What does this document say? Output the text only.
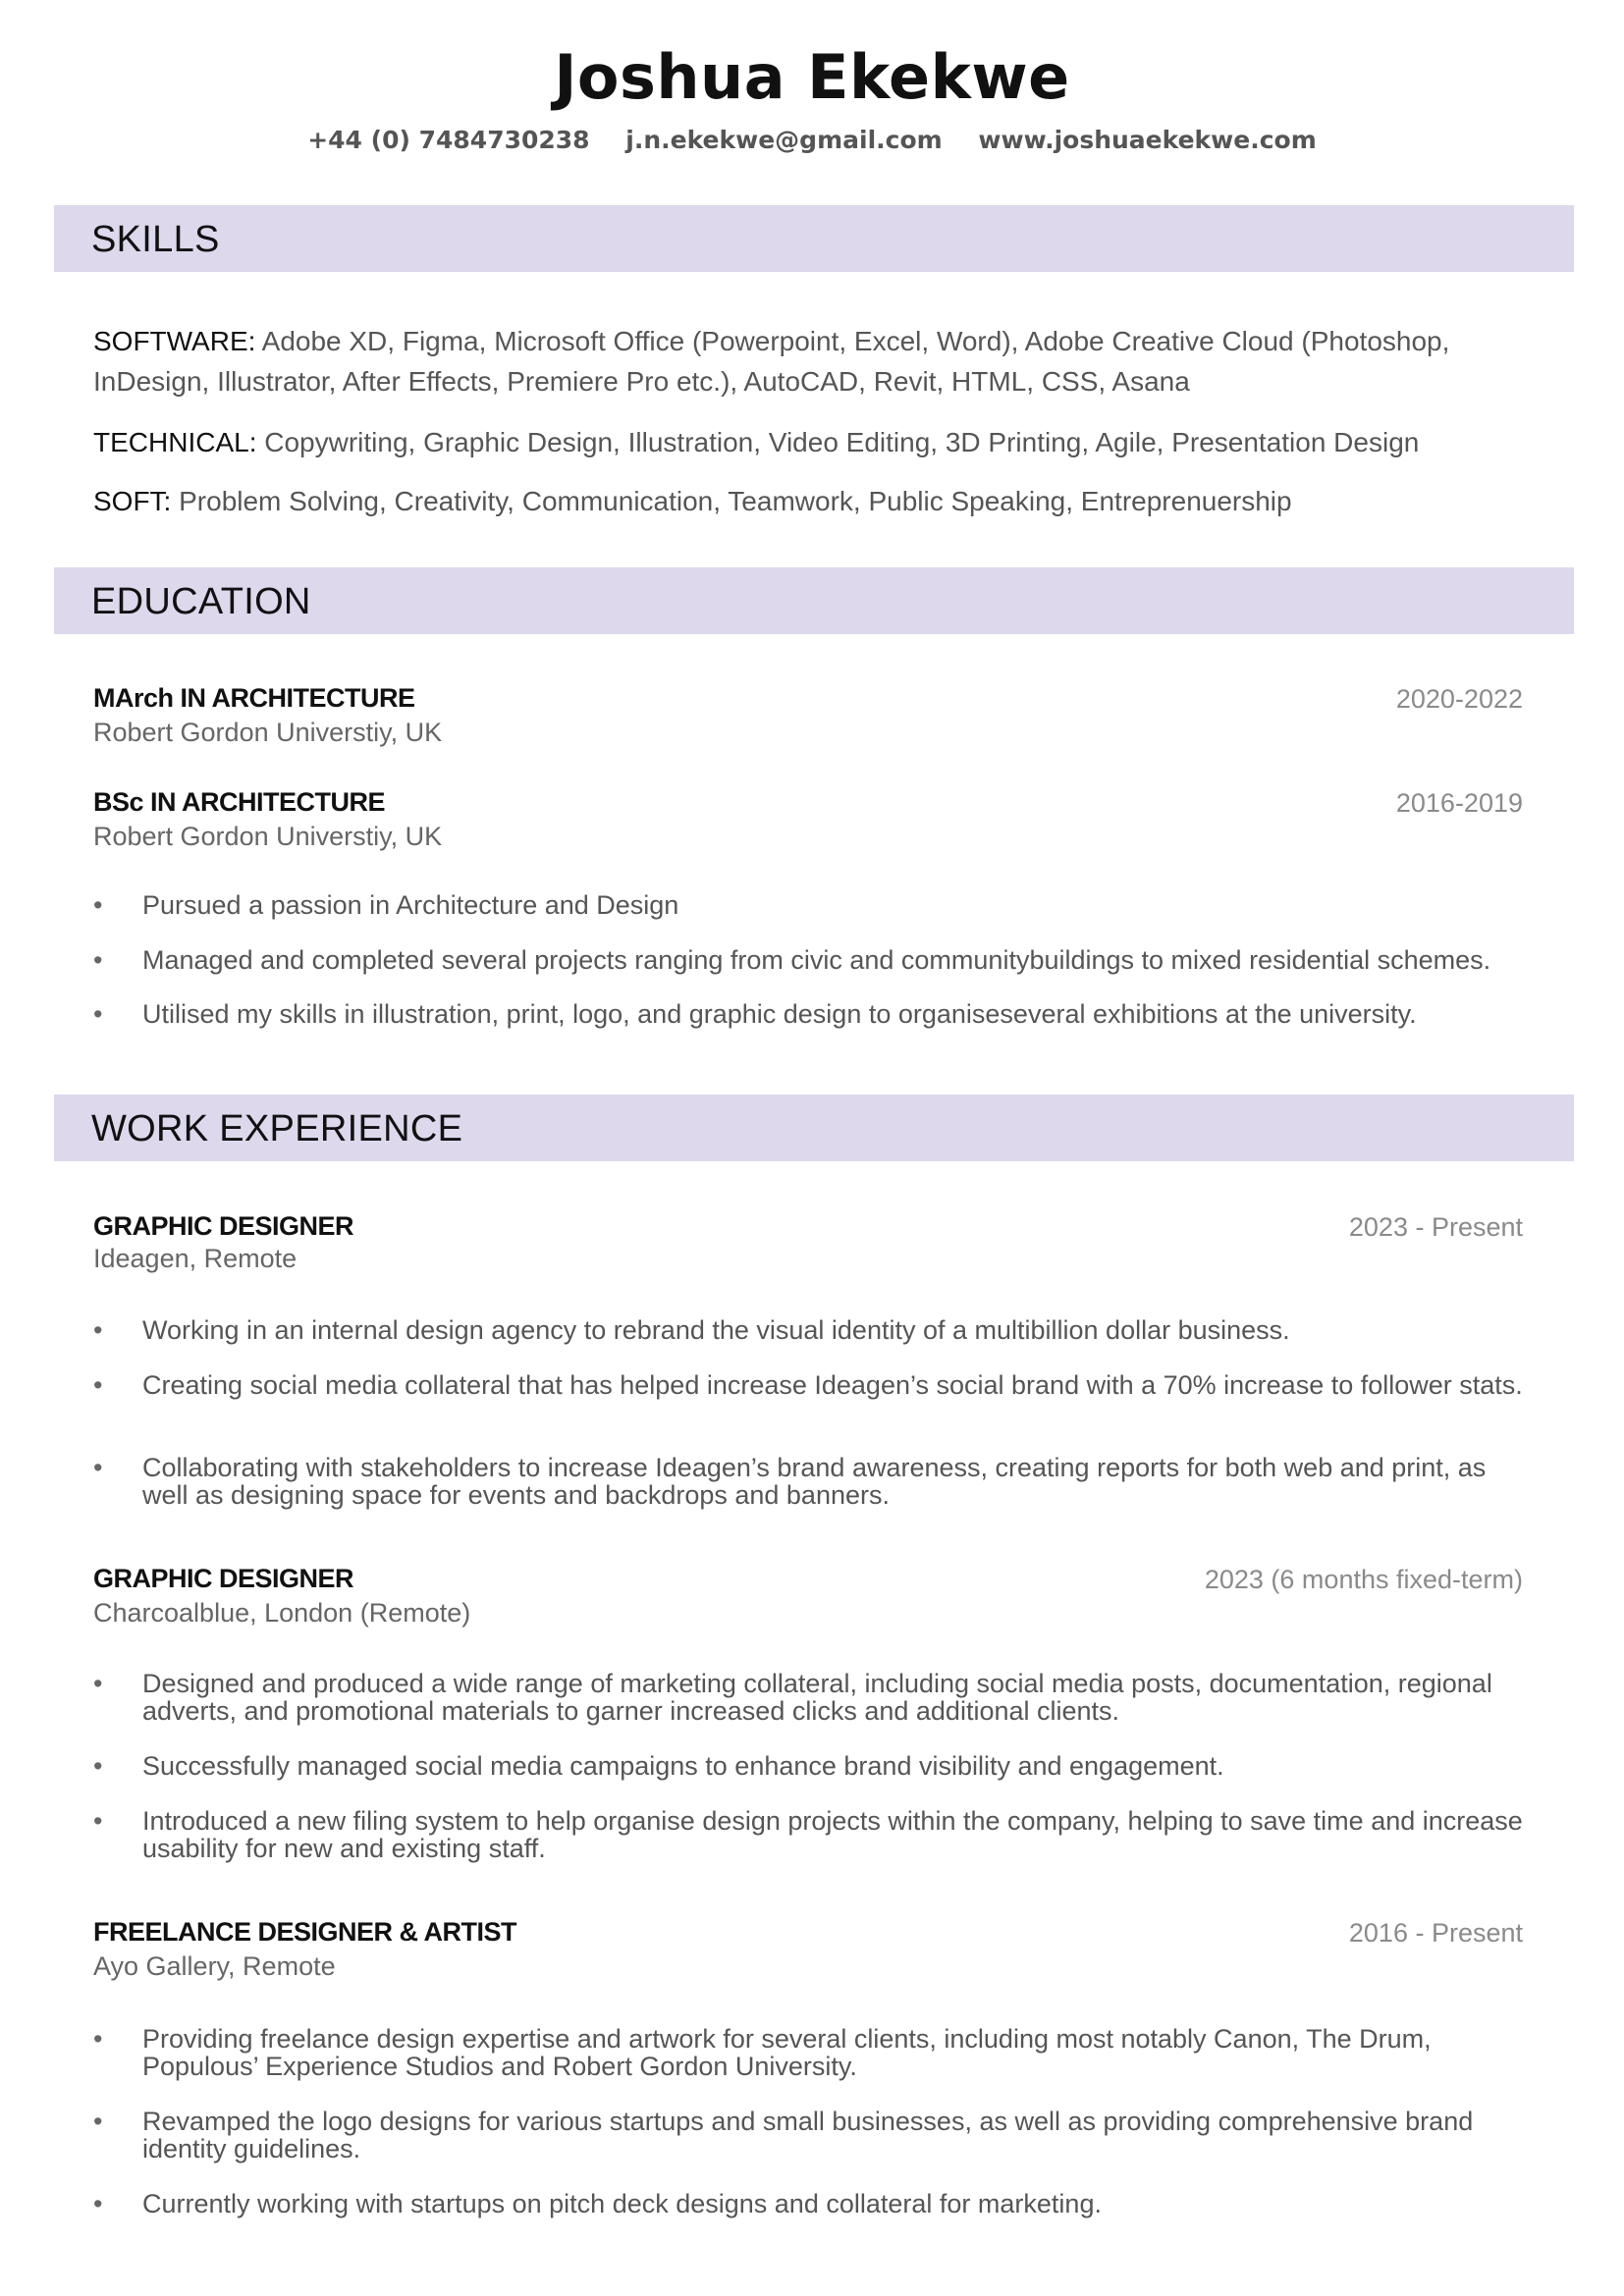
Joshua Ekekwe
+44 (0) 7484730238 j.n.ekekwe@gmail.com www.joshuaekekwe.com
SKILLS
SOFTWARE: Adobe XD, Figma, Microsoft Office (Powerpoint, Excel, Word), Adobe Creative Cloud (Photoshop, InDesign, Illustrator, After Effects, Premiere Pro etc.), AutoCAD, Revit, HTML, CSS, Asana
TECHNICAL: Copywriting, Graphic Design, Illustration, Video Editing, 3D Printing, Agile, Presentation Design
SOFT: Problem Solving, Creativity, Communication, Teamwork, Public Speaking, Entreprenuership
EDUCATION
MArch IN ARCHITECTURE	2020-2022
Robert Gordon Universtiy, UK
BSc IN ARCHITECTURE	2016-2019
Robert Gordon Universtiy, UK
• Pursued a passion in Architecture and Design
• Managed and completed several projects ranging from civic and communitybuildings to mixed residential schemes.
• Utilised my skills in illustration, print, logo, and graphic design to organiseseveral exhibitions at the university.
WORK EXPERIENCE
GRAPHIC DESIGNER	2023 - Present
Ideagen, Remote
• Working in an internal design agency to rebrand the visual identity of a multibillion dollar business.
• Creating social media collateral that has helped increase Ideagen’s social brand with a 70% increase to follower stats.
• Collaborating with stakeholders to increase Ideagen’s brand awareness, creating reports for both web and print, as well as designing space for events and backdrops and banners.
GRAPHIC DESIGNER	2023 (6 months fixed-term)
Charcoalblue, London (Remote)
• Designed and produced a wide range of marketing collateral, including social media posts, documentation, regional adverts, and promotional materials to garner increased clicks and additional clients.
• Successfully managed social media campaigns to enhance brand visibility and engagement.
• Introduced a new filing system to help organise design projects within the company, helping to save time and increase usability for new and existing staff.
FREELANCE DESIGNER & ARTIST	2016 - Present
Ayo Gallery, Remote
• Providing freelance design expertise and artwork for several clients, including most notably Canon, The Drum, Populous’ Experience Studios and Robert Gordon University.
• Revamped the logo designs for various startups and small businesses, as well as providing comprehensive brand identity guidelines.
• Currently working with startups on pitch deck designs and collateral for marketing.
